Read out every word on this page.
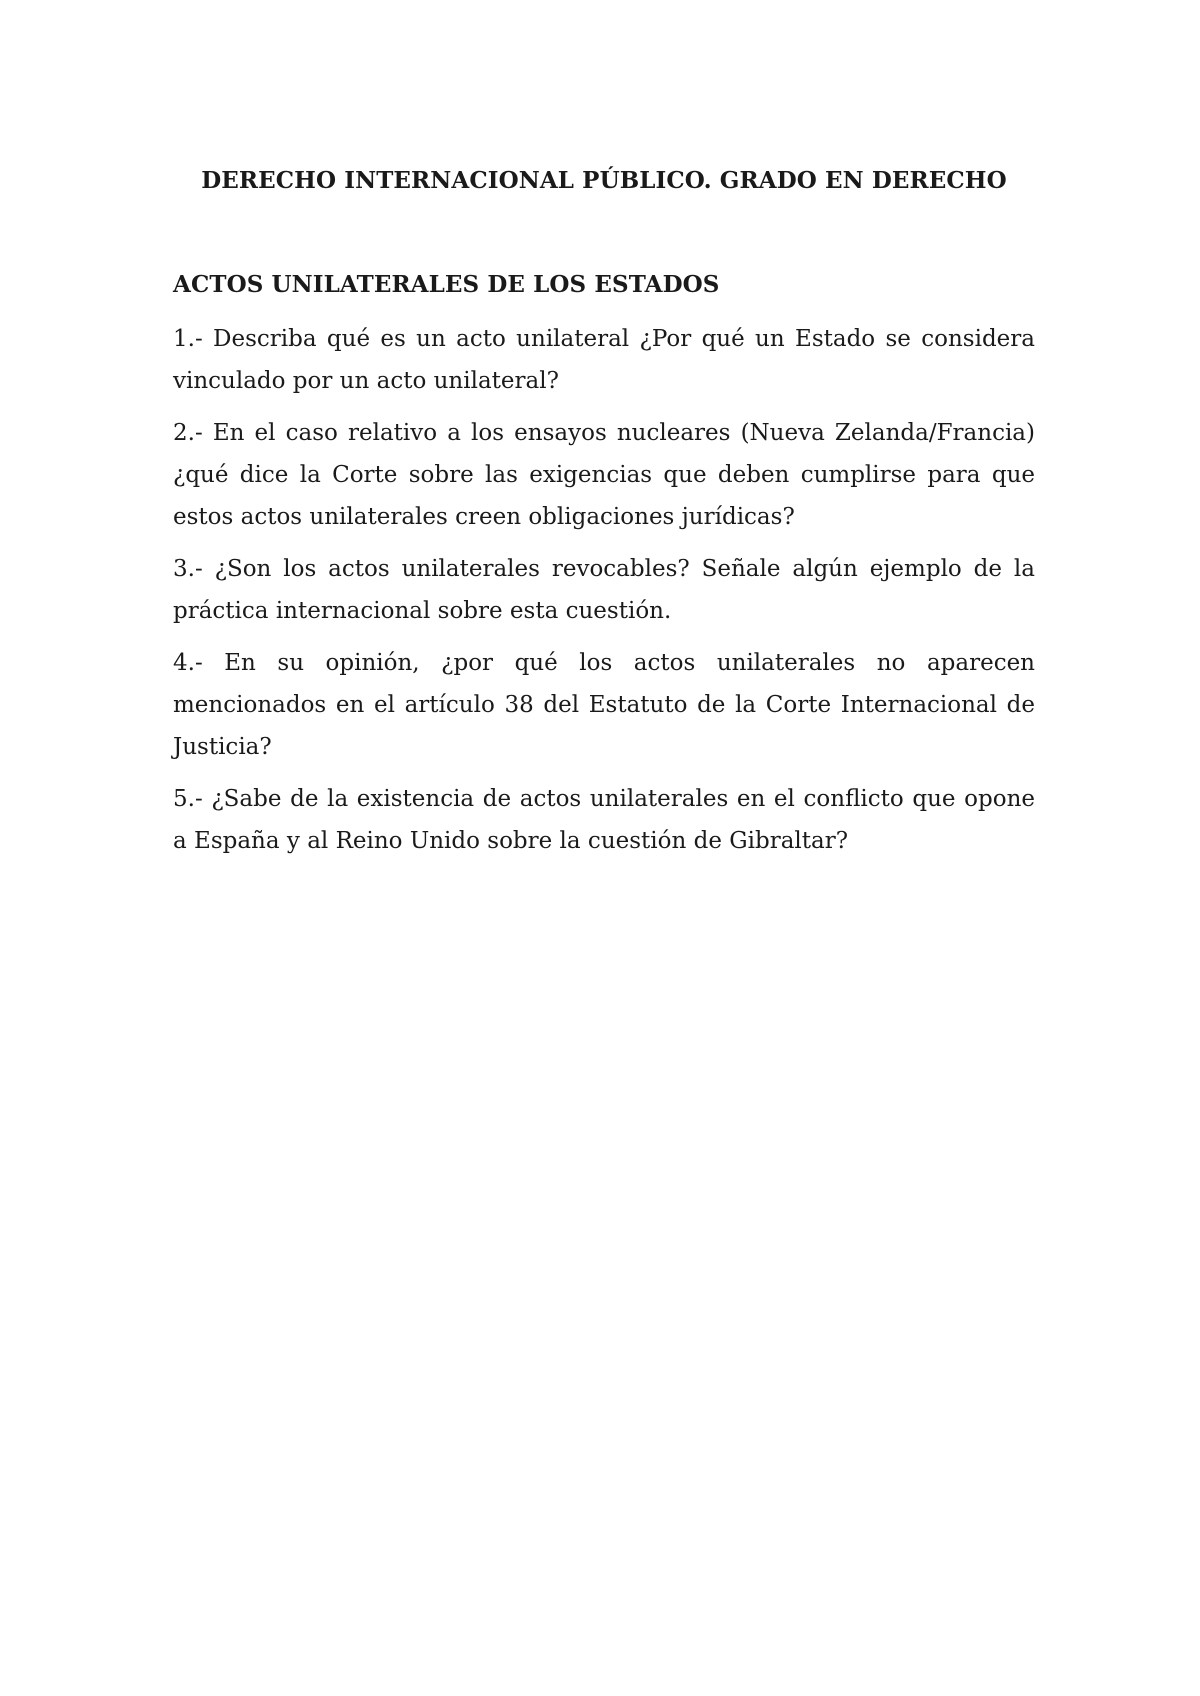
DERECHO INTERNACIONAL PÚBLICO. GRADO EN DERECHO

ACTOS UNILATERALES DE LOS ESTADOS

1.- Describa qué es un acto unilateral ¿Por qué un Estado se considera vinculado por un acto unilateral?

2.- En el caso relativo a los ensayos nucleares (Nueva Zelanda/Francia) ¿qué dice la Corte sobre las exigencias que deben cumplirse para que estos actos unilaterales creen obligaciones jurídicas?

3.- ¿Son los actos unilaterales revocables? Señale algún ejemplo de la práctica internacional sobre esta cuestión.

4.- En su opinión, ¿por qué los actos unilaterales no aparecen mencionados en el artículo 38 del Estatuto de la Corte Internacional de Justicia?

5.- ¿Sabe de la existencia de actos unilaterales en el conflicto que opone a España y al Reino Unido sobre la cuestión de Gibraltar?
